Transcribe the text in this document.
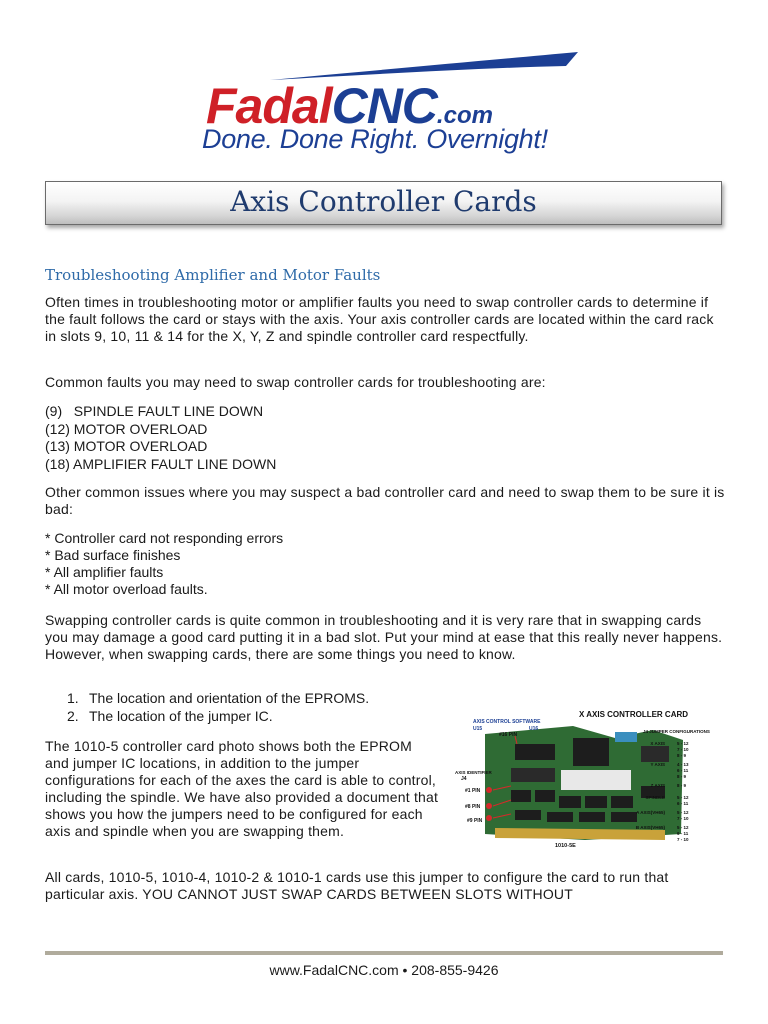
FadalCNC.com
Done. Done Right. Overnight!
Axis Controller Cards
Troubleshooting Amplifier and Motor Faults
Often times in troubleshooting motor or amplifier faults you need to swap controller cards to determine if the fault follows the card or stays with the axis. Your axis controller cards are located within the card rack in slots 9, 10, 11 & 14 for the X, Y, Z and spindle controller card respectfully.
Common faults you may need to swap controller cards for troubleshooting are:
(9)   SPINDLE FAULT LINE DOWN
(12) MOTOR OVERLOAD
(13) MOTOR OVERLOAD
(18) AMPLIFIER FAULT LINE DOWN
Other common issues where you may suspect a bad controller card and need to swap them to be sure it is bad:
* Controller card not responding errors
* Bad surface finishes
* All amplifier faults
* All motor overload faults.
Swapping controller cards is quite common in troubleshooting and it is very rare that in swapping cards you may damage a good card putting it in a bad slot. Put your mind at ease that this really never happens. However, when swapping cards, there are some things you need to know.
1. The location and orientation of the EPROMS.
2. The location of the jumper IC.
The 1010-5 controller card photo shows both the EPROM and jumper IC locations, in addition to the jumper configurations for each of the axes the card is able to control, including the spindle. We have also provided a document that shows you how the jumpers need to be configured for each axis and spindle when you are swapping them.
X AXIS CONTROLLER CARD
AXIS CONTROL SOFTWARE
U15	U16
#16 PIN
AXIS IDENTIFIER
J4
#1 PIN
#8 PIN
#9 PIN
1010-5E
J4 JUMPER CONFIGURATIONS
X AXIS	5 - 12
7 - 10
8 - 9
Y AXIS	4 - 13
6 - 11
8 - 9
Z AXIS	8 - 9
SPINDLE	5 - 12
6 - 11
A AXIS(VH65)	5 - 12
7 - 10
B AXIS(VH65)	5 - 12
6 - 11
7 - 10
All cards, 1010-5, 1010-4, 1010-2 & 1010-1 cards use this jumper to configure the card to run that particular axis. YOU CANNOT JUST SWAP CARDS BETWEEN SLOTS WITHOUT
www.FadalCNC.com • 208-855-9426
